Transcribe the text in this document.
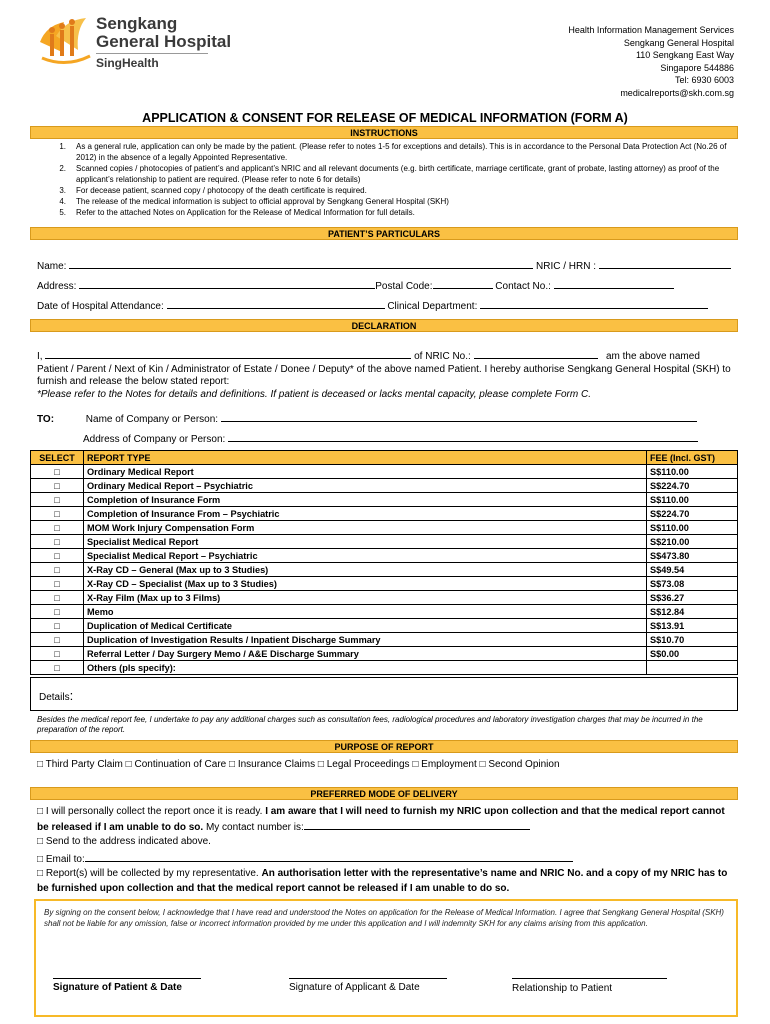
Sengkang
General Hospital
SingHealth
Health Information Management Services
Sengkang General Hospital
110 Sengkang East Way
Singapore 544886
Tel: 6930 6003
medicalreports@skh.com.sg
APPLICATION & CONSENT FOR RELEASE OF MEDICAL INFORMATION (FORM A)
INSTRUCTIONS
1.	As a general rule, application can only be made by the patient. (Please refer to notes 1-5 for exceptions and details). This is in accordance to the Personal Data Protection Act (No.26 of 2012) in the absence of a legally Appointed Representative.
2.	Scanned copies / photocopies of patient’s and applicant’s NRIC and all relevant documents (e.g. birth certificate, marriage certificate, grant of probate, lasting attorney) as proof of the applicant’s relationship to patient are required. (Please refer to note 6 for details)
3.	For decease patient, scanned copy / photocopy of the death certificate is required.
4.	The release of the medical information is subject to official approval by Sengkang General Hospital (SKH)
5.	Refer to the attached Notes on Application for the Release of Medical Information for full details.
PATIENT’S PARTICULARS
Name:	NRIC / HRN :
Address:	Postal Code:	Contact No.:
Date of Hospital Attendance:	Clinical Department:
DECLARATION
I,	of NRIC No.:	am the above named
Patient / Parent / Next of Kin / Administrator of Estate / Donee / Deputy* of the above named Patient. I hereby authorise Sengkang General Hospital (SKH) to furnish and release the below stated report:
*Please refer to the Notes for details and definitions. If patient is deceased or lacks mental capacity, please complete Form C.
TO:	Name of Company or Person:
Address of Company or Person:
SELECT	REPORT TYPE	FEE (Incl. GST)
□	Ordinary Medical Report	S$110.00
□	Ordinary Medical Report – Psychiatric	S$224.70
□	Completion of Insurance Form	S$110.00
□	Completion of Insurance From – Psychiatric	S$224.70
□	MOM Work Injury Compensation Form	S$110.00
□	Specialist Medical Report	S$210.00
□	Specialist Medical Report – Psychiatric	S$473.80
□	X-Ray CD – General (Max up to 3 Studies)	S$49.54
□	X-Ray CD – Specialist (Max up to 3 Studies)	S$73.08
□	X-Ray Film (Max up to 3 Films)	S$36.27
□	Memo	S$12.84
□	Duplication of Medical Certificate	S$13.91
□	Duplication of Investigation Results / Inpatient Discharge Summary	S$10.70
□	Referral Letter / Day Surgery Memo / A&E Discharge Summary	S$0.00
□	Others (pls specify):	
Details:
Besides the medical report fee, I undertake to pay any additional charges such as consultation fees, radiological procedures and laboratory investigation charges that may be incurred in the preparation of the report.
PURPOSE OF REPORT
□ Third Party Claim □ Continuation of Care □ Insurance Claims □ Legal Proceedings □ Employment □ Second Opinion
PREFERRED MODE OF DELIVERY
□ I will personally collect the report once it is ready. I am aware that I will need to furnish my NRIC upon collection and that the medical report cannot be released if I am unable to do so. My contact number is:
□ Send to the address indicated above.
□ Email to:
□ Report(s) will be collected by my representative. An authorisation letter with the representative’s name and NRIC No. and a copy of my NRIC has to be furnished upon collection and that the medical report cannot be released if I am unable to do so.
By signing on the consent below, I acknowledge that I have read and understood the Notes on application for the Release of Medical Information. I agree that Sengkang General Hospital (SKH) shall not be liable for any omission, false or incorrect information provided by me under this application and I will indemnity SKH for any claims arising from this application.
Signature of Patient & Date	Signature of Applicant & Date	Relationship to Patient
